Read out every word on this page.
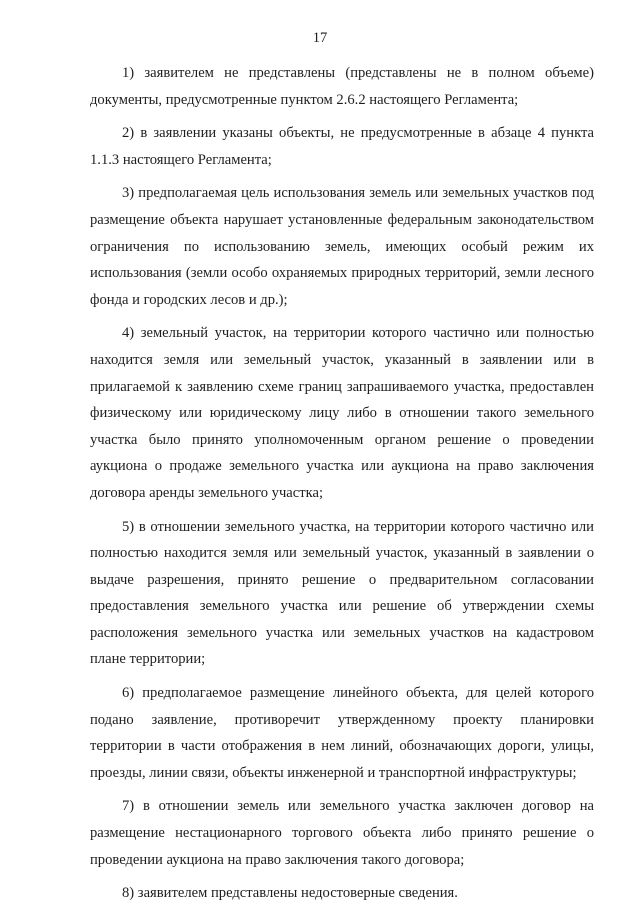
17

1) заявителем не представлены (представлены не в полном объеме) документы, предусмотренные пунктом 2.6.2 настоящего Регламента;

2) в заявлении указаны объекты, не предусмотренные в абзаце 4 пункта 1.1.3 настоящего Регламента;

3) предполагаемая цель использования земель или земельных участков под размещение объекта нарушает установленные федеральным законодательством ограничения по использованию земель, имеющих особый режим их использования (земли особо охраняемых природных территорий, земли лесного фонда и городских лесов и др.);

4) земельный участок, на территории которого частично или полностью находится земля или земельный участок, указанный в заявлении или в прилагаемой к заявлению схеме границ запрашиваемого участка, предоставлен физическому или юридическому лицу либо в отношении такого земельного участка было принято уполномоченным органом решение о проведении аукциона о продаже земельного участка или аукциона на право заключения договора аренды земельного участка;

5) в отношении земельного участка, на территории которого частично или полностью находится земля или земельный участок, указанный в заявлении о выдаче разрешения, принято решение о предварительном согласовании предоставления земельного участка или решение об утверждении схемы расположения земельного участка или земельных участков на кадастровом плане территории;

6) предполагаемое размещение линейного объекта, для целей которого подано заявление, противоречит утвержденному проекту планировки территории в части отображения в нем линий, обозначающих дороги, улицы, проезды, линии связи, объекты инженерной и транспортной инфраструктуры;

7) в отношении земель или земельного участка заключен договор на размещение нестационарного торгового объекта либо принято решение о проведении аукциона на право заключения такого договора;

8) заявителем представлены недостоверные сведения.
